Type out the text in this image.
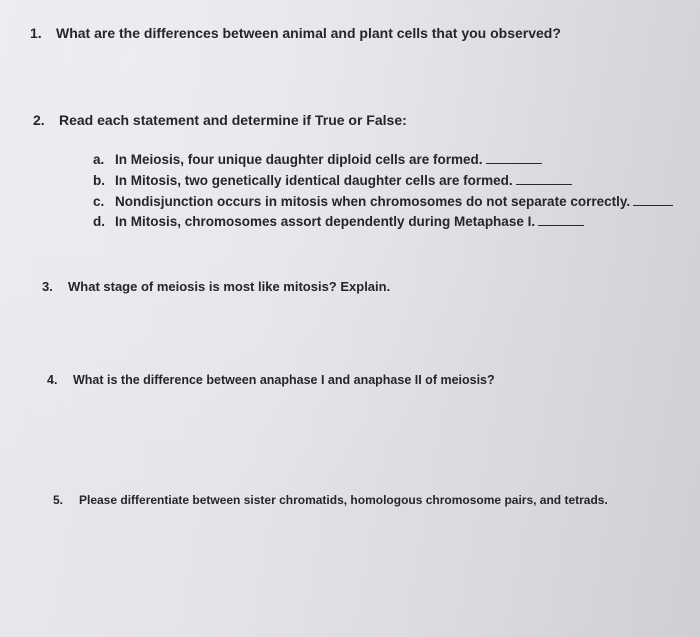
1. What are the differences between animal and plant cells that you observed?
2. Read each statement and determine if True or False:
a. In Meiosis, four unique daughter diploid cells are formed.
b. In Mitosis, two genetically identical daughter cells are formed.
c. Nondisjunction occurs in mitosis when chromosomes do not separate correctly.
d. In Mitosis, chromosomes assort dependently during Metaphase I.
3. What stage of meiosis is most like mitosis? Explain.
4. What is the difference between anaphase I and anaphase II of meiosis?
5. Please differentiate between sister chromatids, homologous chromosome pairs, and tetrads.
